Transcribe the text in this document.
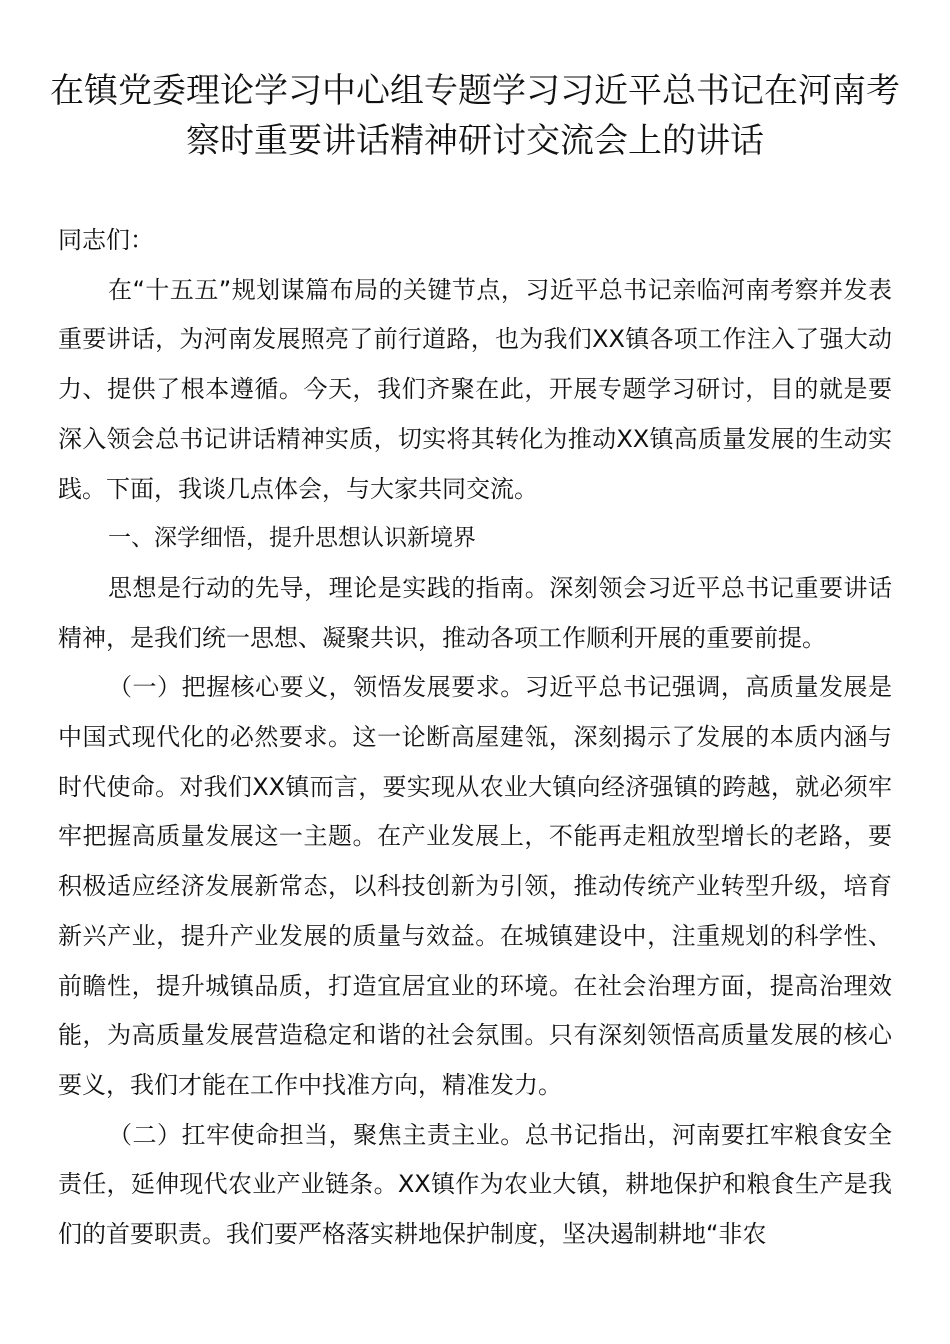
在镇党委理论学习中心组专题学习习近平总书记在河南考察时重要讲话精神研讨交流会上的讲话

同志们：

在“十五五”规划谋篇布局的关键节点，习近平总书记亲临河南考察并发表重要讲话，为河南发展照亮了前行道路，也为我们XX镇各项工作注入了强大动力、提供了根本遵循。今天，我们齐聚在此，开展专题学习研讨，目的就是要深入领会总书记讲话精神实质，切实将其转化为推动XX镇高质量发展的生动实践。下面，我谈几点体会，与大家共同交流。

一、深学细悟，提升思想认识新境界

思想是行动的先导，理论是实践的指南。深刻领会习近平总书记重要讲话精神，是我们统一思想、凝聚共识，推动各项工作顺利开展的重要前提。

（一）把握核心要义，领悟发展要求。习近平总书记强调，高质量发展是中国式现代化的必然要求。这一论断高屋建瓴，深刻揭示了发展的本质内涵与时代使命。对我们XX镇而言，要实现从农业大镇向经济强镇的跨越，就必须牢牢把握高质量发展这一主题。在产业发展上，不能再走粗放型增长的老路，要积极适应经济发展新常态，以科技创新为引领，推动传统产业转型升级，培育新兴产业，提升产业发展的质量与效益。在城镇建设中，注重规划的科学性、前瞻性，提升城镇品质，打造宜居宜业的环境。在社会治理方面，提高治理效能，为高质量发展营造稳定和谐的社会氛围。只有深刻领悟高质量发展的核心要义，我们才能在工作中找准方向，精准发力。

（二）扛牢使命担当，聚焦主责主业。总书记指出，河南要扛牢粮食安全责任，延伸现代农业产业链条。XX镇作为农业大镇，耕地保护和粮食生产是我们的首要职责。我们要严格落实耕地保护制度，坚决遏制耕地“非农
